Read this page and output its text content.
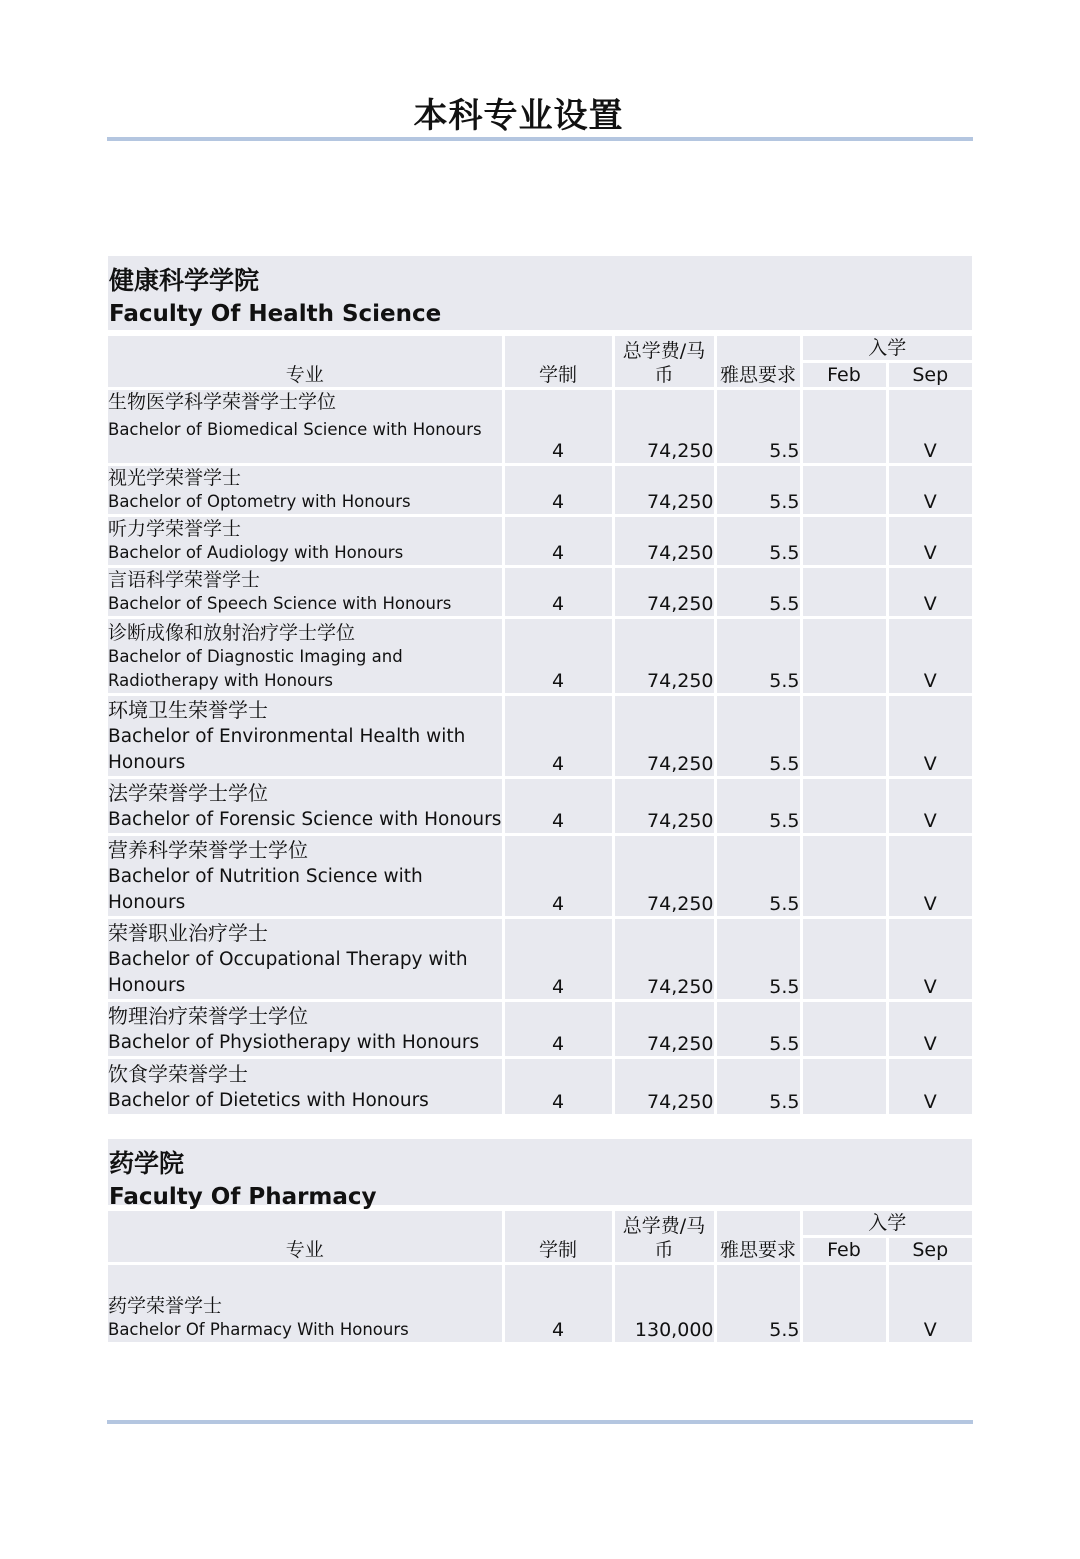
本科专业设置
健康科学学院
Faculty Of Health Science
专业	学制	总学费/马币	雅思要求	入学	
				Feb	Sep

生物医学科学荣誉学士学位
Bachelor of Biomedical Science with Honours	4	74,250	5.5		V

视光学荣誉学士
Bachelor of Optometry with Honours	4	74,250	5.5		V

听力学荣誉学士
Bachelor of Audiology with Honours	4	74,250	5.5		V

言语科学荣誉学士
Bachelor of Speech Science with Honours	4	74,250	5.5		V

诊断成像和放射治疗学士学位
Bachelor of Diagnostic Imaging and Radiotherapy with Honours	4	74,250	5.5		V

环境卫生荣誉学士
Bachelor of Environmental Health with Honours	4	74,250	5.5		V

法学荣誉学士学位
Bachelor of Forensic Science with Honours	4	74,250	5.5		V

营养科学荣誉学士学位
Bachelor of Nutrition Science with Honours	4	74,250	5.5		V

荣誉职业治疗学士
Bachelor of Occupational Therapy with Honours	4	74,250	5.5		V

物理治疗荣誉学士学位
Bachelor of Physiotherapy with Honours	4	74,250	5.5		V

饮食学荣誉学士
Bachelor of Dietetics with Honours	4	74,250	5.5		V
药学院
Faculty Of Pharmacy
专业	学制	总学费/马币	雅思要求	入学	
				Feb	Sep

药学荣誉学士
Bachelor Of Pharmacy With Honours	4	130,000	5.5		V
